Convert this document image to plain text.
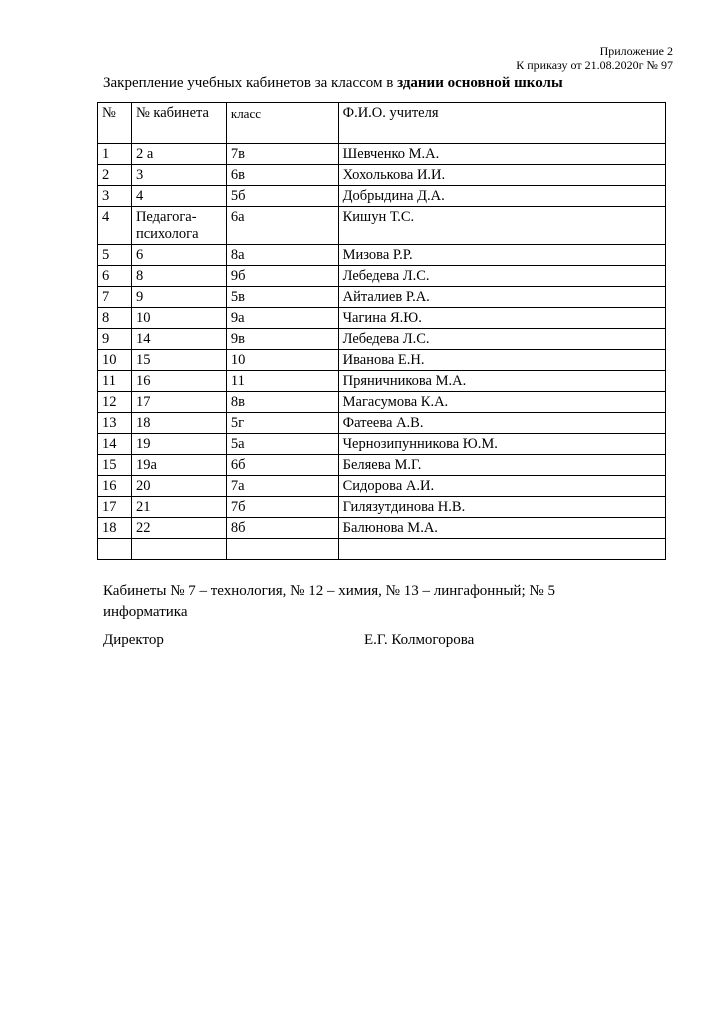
Приложение 2
К приказу от 21.08.2020г № 97
Закрепление учебных кабинетов за классом в здании основной школы
№	№ кабинета	класс	Ф.И.О. учителя
1	2 а	7в	Шевченко М.А.
2	3	6в	Хохолькова И.И.
3	4	5б	Добрыдина Д.А.
4	Педагога-психолога	6а	Кишун Т.С.
5	6	8а	Мизова Р.Р.
6	8	9б	Лебедева Л.С.
7	9	5в	Айталиев Р.А.
8	10	9а	Чагина Я.Ю.
9	14	9в	Лебедева Л.С.
10	15	10	Иванова Е.Н.
11	16	11	Пряничникова М.А.
12	17	8в	Магасумова К.А.
13	18	5г	Фатеева А.В.
14	19	5а	Чернозипунникова Ю.М.
15	19а	6б	Беляева М.Г.
16	20	7а	Сидорова А.И.
17	21	7б	Гилязутдинова Н.В.
18	22	8б	Балюнова М.А.

Кабинеты № 7 – технология, № 12 – химия, № 13 – лингафонный; № 5 информатика
Директор	Е.Г. Колмогорова
